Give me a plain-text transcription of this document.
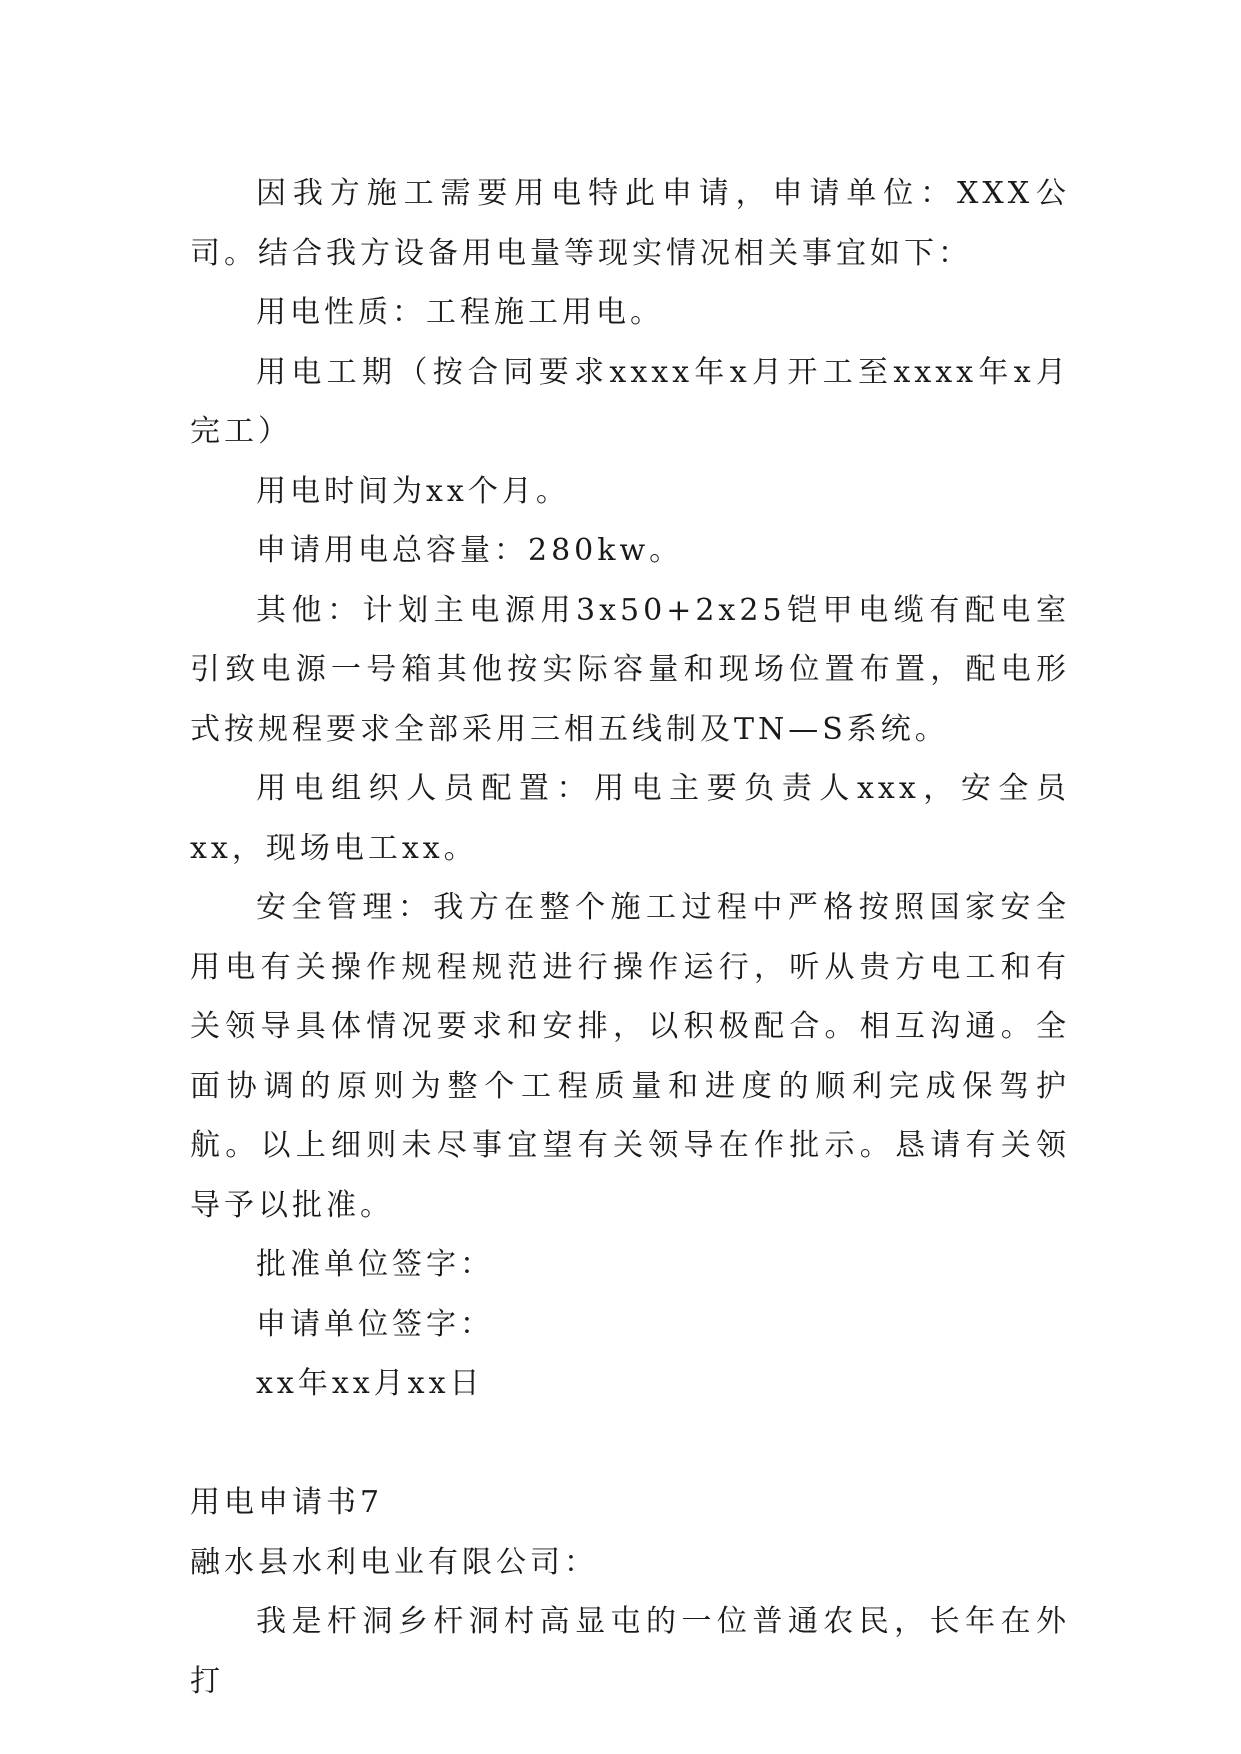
因我方施工需要用电特此申请，申请单位：XXX公司。结合我方设备用电量等现实情况相关事宜如下：

用电性质：工程施工用电。

用电工期（按合同要求xxxx年x月开工至xxxx年x月完工）

用电时间为xx个月。

申请用电总容量：280kw。

其他：计划主电源用3x50+2x25铠甲电缆有配电室引致电源一号箱其他按实际容量和现场位置布置，配电形式按规程要求全部采用三相五线制及TN—S系统。

用电组织人员配置：用电主要负责人xxx，安全员xx，现场电工xx。

安全管理：我方在整个施工过程中严格按照国家安全用电有关操作规程规范进行操作运行，听从贵方电工和有关领导具体情况要求和安排，以积极配合。相互沟通。全面协调的原则为整个工程质量和进度的顺利完成保驾护航。以上细则未尽事宜望有关领导在作批示。恳请有关领导予以批准。

批准单位签字：

申请单位签字：

xx年xx月xx日

用电申请书7

融水县水利电业有限公司：

我是杆洞乡杆洞村高显屯的一位普通农民，长年在外打
